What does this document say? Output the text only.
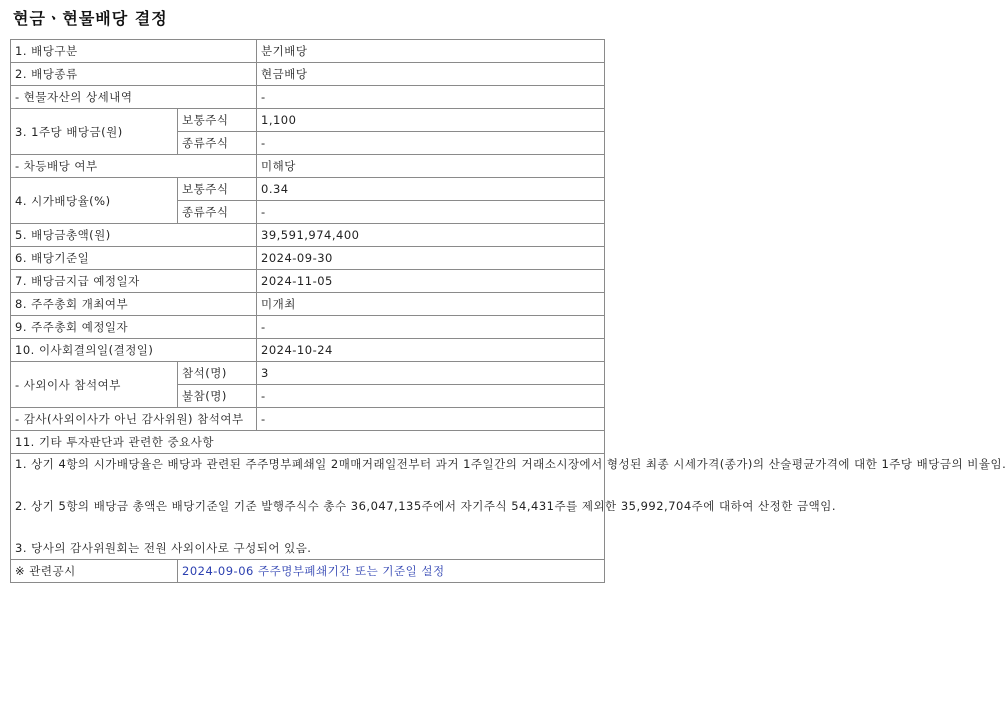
현금ㆍ현물배당 결정
1. 배당구분		분기배당
2. 배당종류		현금배당
- 현물자산의 상세내역		-
3. 1주당 배당금(원)	보통주식	1,100
	종류주식	-
- 차등배당 여부		미해당
4. 시가배당율(%)	보통주식	0.34
	종류주식	-
5. 배당금총액(원)		39,591,974,400
6. 배당기준일		2024-09-30
7. 배당금지급 예정일자		2024-11-05
8. 주주총회 개최여부		미개최
9. 주주총회 예정일자		-
10. 이사회결의일(결정일)		2024-10-24
- 사외이사 참석여부	참석(명)	3
	불참(명)	-
- 감사(사외이사가 아닌 감사위원) 참석여부		-
11. 기타 투자판단과 관련한 중요사항		

1. 상기 4항의 시가배당율은 배당과 관련된 주주명부폐쇄일 2매매거래일전부터 과거 1주일간의 거래소시장에서 형성된 최종 시세가격(종가)의 산술평균가격에 대한 1주당 배당금의 비율임.

2. 상기 5항의 배당금 총액은 배당기준일 기준 발행주식수 총수 36,047,135주에서 자기주식 54,431주를 제외한 35,992,704주에 대하여 산정한 금액임.

3. 당사의 감사위원회는 전원 사외이사로 구성되어 있음.		

※ 관련공시	2024-09-06 주주명부폐쇄기간 또는 기준일 설정	
